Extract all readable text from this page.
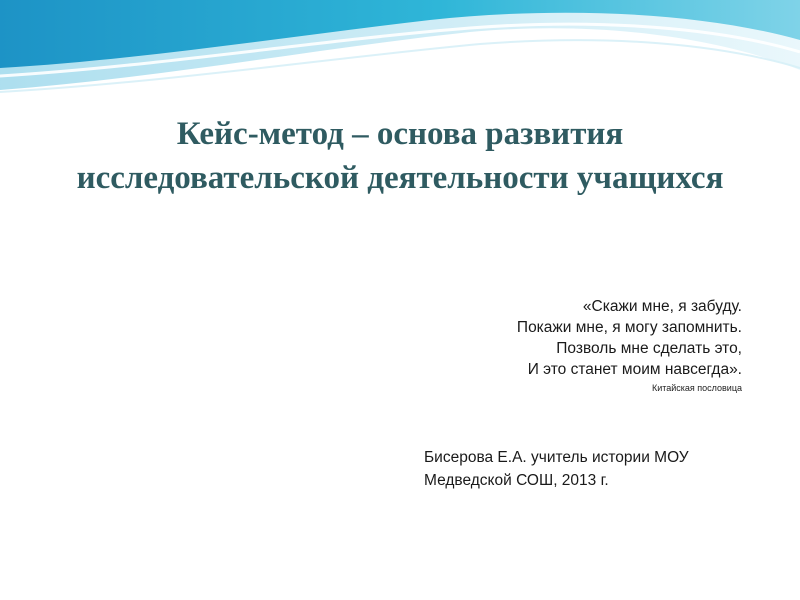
Кейс-метод – основа развития исследовательской деятельности учащихся
«Скажи мне, я забуду.
Покажи мне, я могу запомнить.
Позволь мне сделать это,
И это станет моим навсегда».
Китайская пословица
Бисерова Е.А. учитель истории МОУ
Медведской СОШ, 2013 г.
